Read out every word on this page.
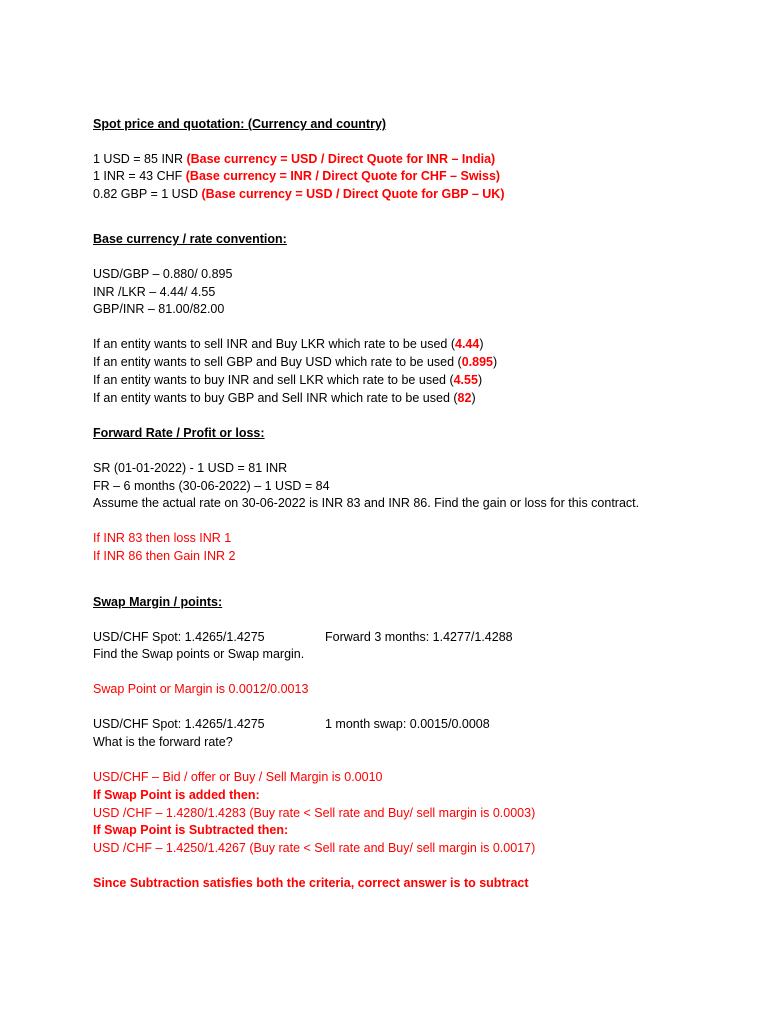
Spot price and quotation: (Currency and country)
1 USD = 85 INR (Base currency = USD / Direct Quote for INR – India)
1 INR = 43 CHF (Base currency = INR / Direct Quote for CHF – Swiss)
0.82 GBP = 1 USD (Base currency = USD / Direct Quote for GBP – UK)
Base currency / rate convention:
USD/GBP – 0.880/ 0.895
INR /LKR – 4.44/ 4.55
GBP/INR – 81.00/82.00
If an entity wants to sell INR and Buy LKR which rate to be used (4.44)
If an entity wants to sell GBP and Buy USD which rate to be used (0.895)
If an entity wants to buy INR and sell LKR which rate to be used (4.55)
If an entity wants to buy GBP and Sell INR which rate to be used (82)
Forward Rate / Profit or loss:
SR (01-01-2022) - 1 USD = 81 INR
FR – 6 months (30-06-2022) – 1 USD = 84
Assume the actual rate on 30-06-2022 is INR 83 and INR 86. Find the gain or loss for this contract.
If INR 83 then loss INR 1
If INR 86 then Gain INR 2
Swap Margin / points:
USD/CHF Spot: 1.4265/1.4275	Forward 3 months: 1.4277/1.4288
Find the Swap points or Swap margin.
Swap Point or Margin is 0.0012/0.0013
USD/CHF Spot: 1.4265/1.4275	1 month swap: 0.0015/0.0008
What is the forward rate?
USD/CHF – Bid / offer or Buy / Sell Margin is 0.0010
If Swap Point is added then:
USD /CHF – 1.4280/1.4283 (Buy rate < Sell rate and Buy/ sell margin is 0.0003)
If Swap Point is Subtracted then:
USD /CHF – 1.4250/1.4267 (Buy rate < Sell rate and Buy/ sell margin is 0.0017)
Since Subtraction satisfies both the criteria, correct answer is to subtract
